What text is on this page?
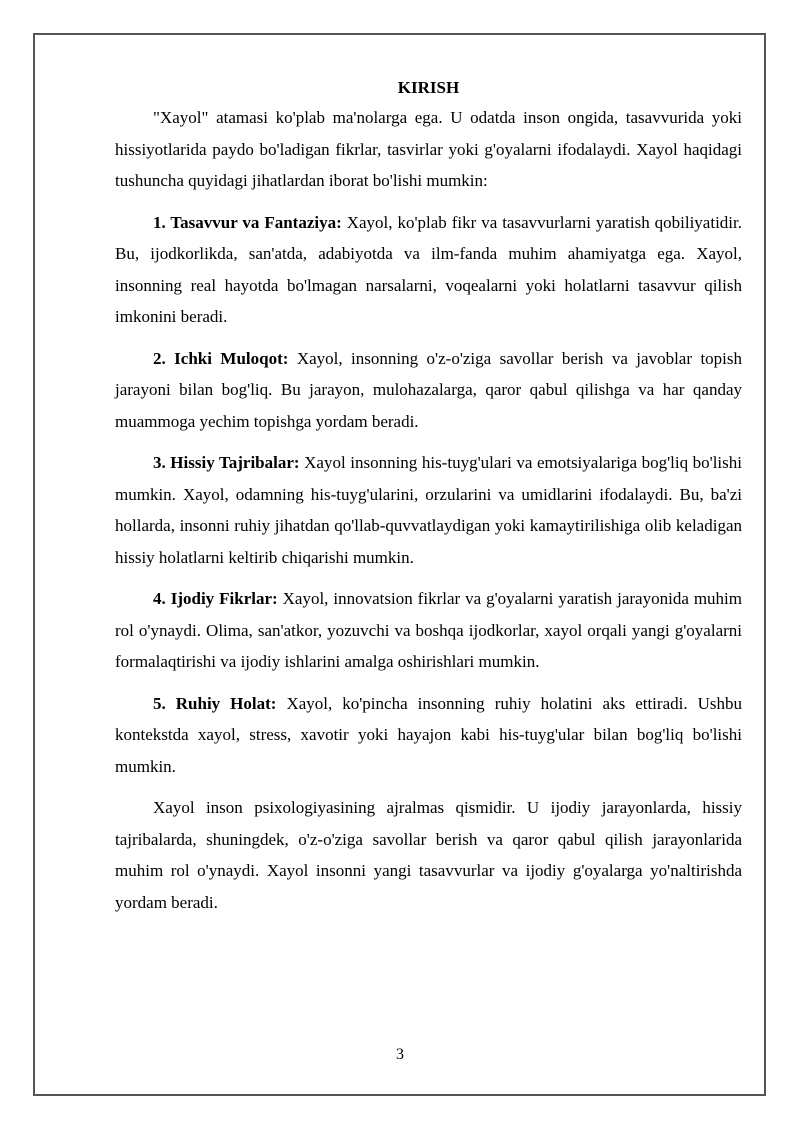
KIRISH

"Xayol" atamasi ko'plab ma'nolarga ega. U odatda inson ongida, tasavvurida yoki hissiyotlarida paydo bo'ladigan fikrlar, tasvirlar yoki g'oyalarni ifodalaydi. Xayol haqidagi tushuncha quyidagi jihatlardan iborat bo'lishi mumkin:

1. Tasavvur va Fantaziya: Xayol, ko'plab fikr va tasavvurlarni yaratish qobiliyatidir. Bu, ijodkorlikda, san'atda, adabiyotda va ilm-fanda muhim ahamiyatga ega. Xayol, insonning real hayotda bo'lmagan narsalarni, voqealarni yoki holatlarni tasavvur qilish imkonini beradi.

2. Ichki Muloqot: Xayol, insonning o'z-o'ziga savollar berish va javoblar topish jarayoni bilan bog'liq. Bu jarayon, mulohazalarga, qaror qabul qilishga va har qanday muammoga yechim topishga yordam beradi.

3. Hissiy Tajribalar: Xayol insonning his-tuyg'ulari va emotsiyalariga bog'liq bo'lishi mumkin. Xayol, odamning his-tuyg'ularini, orzularini va umidlarini ifodalaydi. Bu, ba'zi hollarda, insonni ruhiy jihatdan qo'llab-quvvatlaydigan yoki kamaytirilishiga olib keladigan hissiy holatlarni keltirib chiqarishi mumkin.

4. Ijodiy Fikrlar: Xayol, innovatsion fikrlar va g'oyalarni yaratish jarayonida muhim rol o'ynaydi. Olima, san'atkor, yozuvchi va boshqa ijodkorlar, xayol orqali yangi g'oyalarni formalaqtirishi va ijodiy ishlarini amalga oshirishlari mumkin.

5. Ruhiy Holat: Xayol, ko'pincha insonning ruhiy holatini aks ettiradi. Ushbu kontekstda xayol, stress, xavotir yoki hayajon kabi his-tuyg'ular bilan bog'liq bo'lishi mumkin.

Xayol inson psixologiyasining ajralmas qismidir. U ijodiy jarayonlarda, hissiy tajribalarda, shuningdek, o'z-o'ziga savollar berish va qaror qabul qilish jarayonlarida muhim rol o'ynaydi. Xayol insonni yangi tasavvurlar va ijodiy g'oyalarga yo'naltirishda yordam beradi.

3
